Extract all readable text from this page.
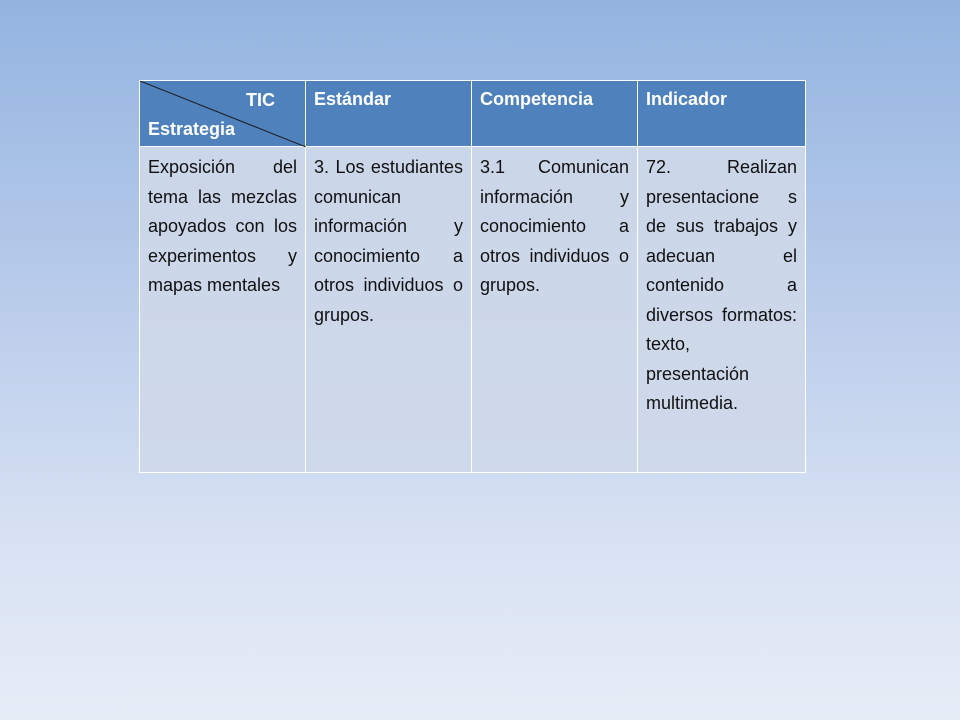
TIC
Estrategia	Estándar	Competencia	Indicador
Exposición del tema las mezclas apoyados con los experimentos y mapas mentales	3. Los estudiantes comunican información y conocimiento a otros individuos o grupos.	3.1 Comunican información y conocimiento a otros individuos o grupos.	72. Realizan presentacione s de sus trabajos y adecuan el contenido a diversos formatos: texto, presentación multimedia.
